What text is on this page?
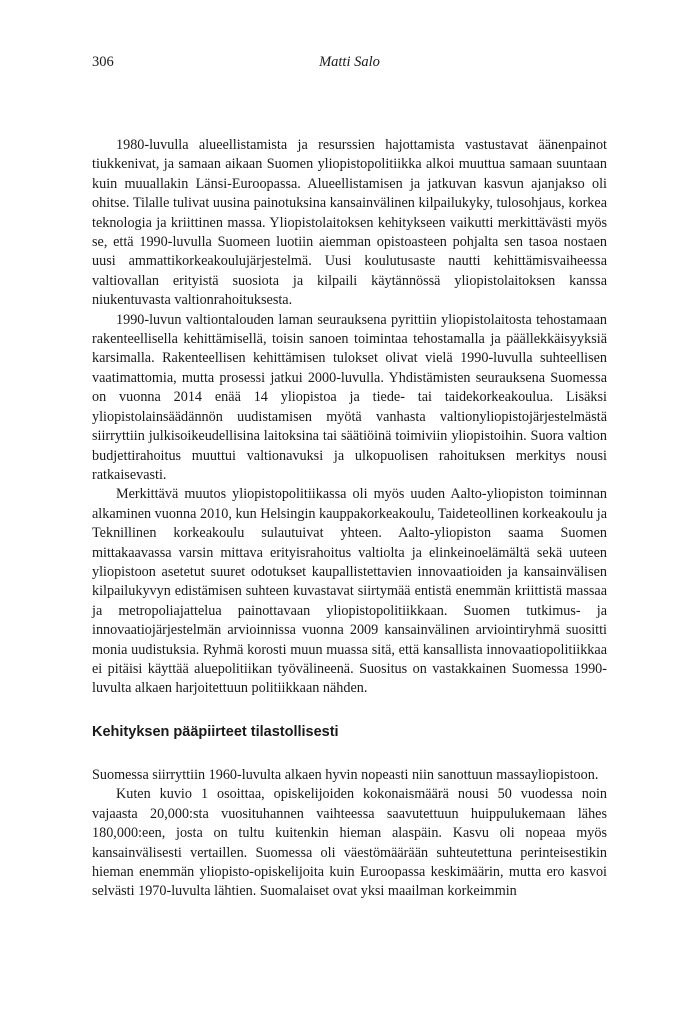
306	Matti Salo

1980-luvulla alueellistamista ja resurssien hajottamista vastustavat äänenpainot tiukkenivat, ja samaan aikaan Suomen yliopistopolitiikka alkoi muuttua samaan suuntaan kuin muuallakin Länsi-Euroopassa. Alueellistamisen ja jatkuvan kasvun ajanjakso oli ohitse. Tilalle tulivat uusina painotuksina kansainvälinen kilpailukyky, tulosohjaus, korkea teknologia ja kriittinen massa. Yliopistolaitoksen kehitykseen vaikutti merkittävästi myös se, että 1990-luvulla Suomeen luotiin aiemman opistoasteen pohjalta sen tasoa nostaen uusi ammattikorkeakoulujärjestelmä. Uusi koulutusaste nautti kehittämisvaiheessa valtiovallan erityistä suosiota ja kilpaili käytännössä yliopistolaitoksen kanssa niukentuvasta valtionrahoituksesta.

1990-luvun valtiontalouden laman seurauksena pyrittiin yliopistolaitosta tehostamaan rakenteellisella kehittämisellä, toisin sanoen toimintaa tehostamalla ja päällekkäisyyksiä karsimalla. Rakenteellisen kehittämisen tulokset olivat vielä 1990-luvulla suhteellisen vaatimattomia, mutta prosessi jatkui 2000-luvulla. Yhdistämisten seurauksena Suomessa on vuonna 2014 enää 14 yliopistoa ja tiede- tai taidekorkeakoulua. Lisäksi yliopistolainsäädännön uudistamisen myötä vanhasta valtionyliopistojärjestelmästä siirryttiin julkisoikeudellisina laitoksina tai säätiöinä toimiviin yliopistoihin. Suora valtion budjettirahoitus muuttui valtionavuksi ja ulkopuolisen rahoituksen merkitys nousi ratkaisevasti.

Merkittävä muutos yliopistopolitiikassa oli myös uuden Aalto-yliopiston toiminnan alkaminen vuonna 2010, kun Helsingin kauppakorkeakoulu, Taideteollinen korkeakoulu ja Teknillinen korkeakoulu sulautuivat yhteen. Aalto-yliopiston saama Suomen mittakaavassa varsin mittava erityisrahoitus valtiolta ja elinkeinoelämältä sekä uuteen yliopistoon asetetut suuret odotukset kaupallistettavien innovaatioiden ja kansainvälisen kilpailukyvyn edistämisen suhteen kuvastavat siirtymää entistä enemmän kriittistä massaa ja metropoliajattelua painottavaan yliopistopolitiikkaan. Suomen tutkimus- ja innovaatiojärjestelmän arvioinnissa vuonna 2009 kansainvälinen arviointiryhmä suositti monia uudistuksia. Ryhmä korosti muun muassa sitä, että kansallista innovaatiopolitiikkaa ei pitäisi käyttää aluepolitiikan työvälineenä. Suositus on vastakkainen Suomessa 1990-luvulta alkaen harjoitettuun politiikkaan nähden.

Kehityksen pääpiirteet tilastollisesti

Suomessa siirryttiin 1960-luvulta alkaen hyvin nopeasti niin sanottuun massayliopistoon.

Kuten kuvio 1 osoittaa, opiskelijoiden kokonaismäärä nousi 50 vuodessa noin vajaasta 20,000:sta vuosituhannen vaihteessa saavutettuun huippulukemaan lähes 180,000:een, josta on tultu kuitenkin hieman alaspäin. Kasvu oli nopeaa myös kansainvälisesti vertaillen. Suomessa oli väestömäärään suhteutettuna perinteisestikin hieman enemmän yliopisto-opiskelijoita kuin Euroopassa keskimäärin, mutta ero kasvoi selvästi 1970-luvulta lähtien. Suomalaiset ovat yksi maailman korkeimmin
